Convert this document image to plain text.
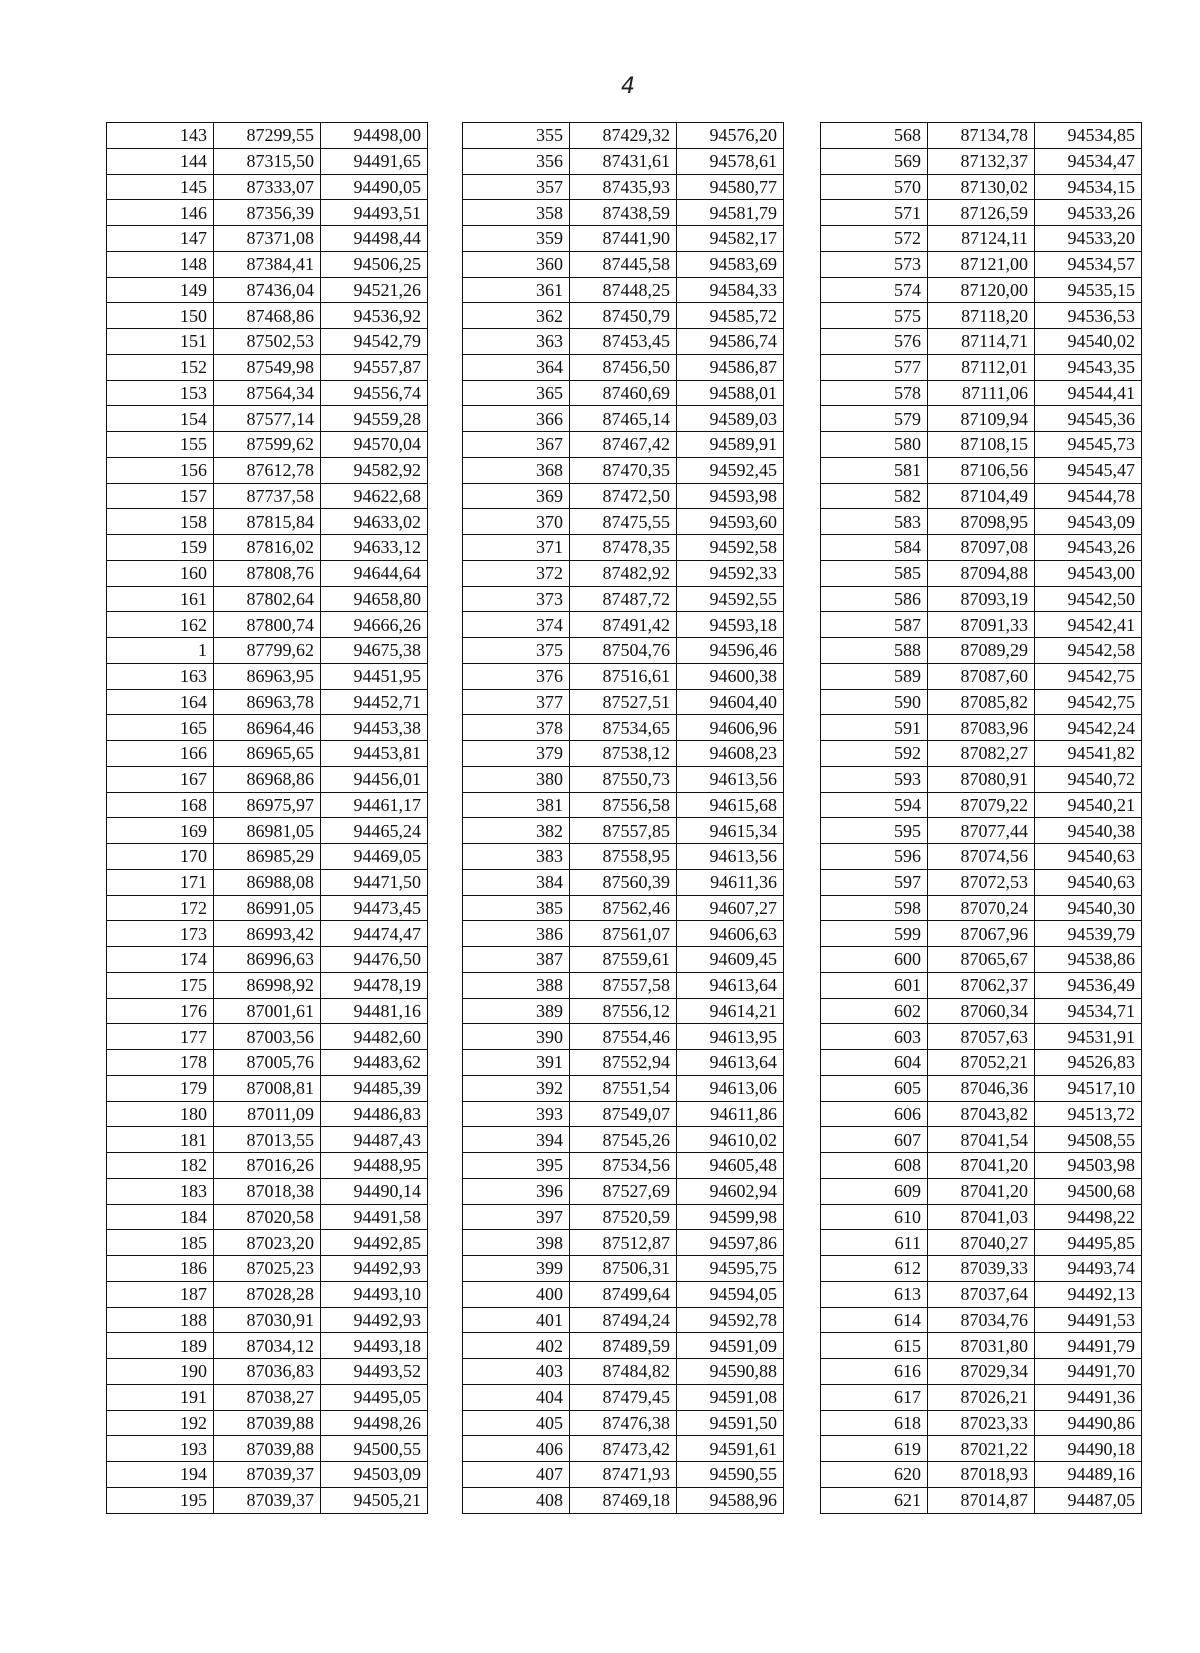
4
143	87299,55	94498,00
144	87315,50	94491,65
145	87333,07	94490,05
146	87356,39	94493,51
147	87371,08	94498,44
148	87384,41	94506,25
149	87436,04	94521,26
150	87468,86	94536,92
151	87502,53	94542,79
152	87549,98	94557,87
153	87564,34	94556,74
154	87577,14	94559,28
155	87599,62	94570,04
156	87612,78	94582,92
157	87737,58	94622,68
158	87815,84	94633,02
159	87816,02	94633,12
160	87808,76	94644,64
161	87802,64	94658,80
162	87800,74	94666,26
1	87799,62	94675,38
163	86963,95	94451,95
164	86963,78	94452,71
165	86964,46	94453,38
166	86965,65	94453,81
167	86968,86	94456,01
168	86975,97	94461,17
169	86981,05	94465,24
170	86985,29	94469,05
171	86988,08	94471,50
172	86991,05	94473,45
173	86993,42	94474,47
174	86996,63	94476,50
175	86998,92	94478,19
176	87001,61	94481,16
177	87003,56	94482,60
178	87005,76	94483,62
179	87008,81	94485,39
180	87011,09	94486,83
181	87013,55	94487,43
182	87016,26	94488,95
183	87018,38	94490,14
184	87020,58	94491,58
185	87023,20	94492,85
186	87025,23	94492,93
187	87028,28	94493,10
188	87030,91	94492,93
189	87034,12	94493,18
190	87036,83	94493,52
191	87038,27	94495,05
192	87039,88	94498,26
193	87039,88	94500,55
194	87039,37	94503,09
195	87039,37	94505,21
355	87429,32	94576,20
356	87431,61	94578,61
357	87435,93	94580,77
358	87438,59	94581,79
359	87441,90	94582,17
360	87445,58	94583,69
361	87448,25	94584,33
362	87450,79	94585,72
363	87453,45	94586,74
364	87456,50	94586,87
365	87460,69	94588,01
366	87465,14	94589,03
367	87467,42	94589,91
368	87470,35	94592,45
369	87472,50	94593,98
370	87475,55	94593,60
371	87478,35	94592,58
372	87482,92	94592,33
373	87487,72	94592,55
374	87491,42	94593,18
375	87504,76	94596,46
376	87516,61	94600,38
377	87527,51	94604,40
378	87534,65	94606,96
379	87538,12	94608,23
380	87550,73	94613,56
381	87556,58	94615,68
382	87557,85	94615,34
383	87558,95	94613,56
384	87560,39	94611,36
385	87562,46	94607,27
386	87561,07	94606,63
387	87559,61	94609,45
388	87557,58	94613,64
389	87556,12	94614,21
390	87554,46	94613,95
391	87552,94	94613,64
392	87551,54	94613,06
393	87549,07	94611,86
394	87545,26	94610,02
395	87534,56	94605,48
396	87527,69	94602,94
397	87520,59	94599,98
398	87512,87	94597,86
399	87506,31	94595,75
400	87499,64	94594,05
401	87494,24	94592,78
402	87489,59	94591,09
403	87484,82	94590,88
404	87479,45	94591,08
405	87476,38	94591,50
406	87473,42	94591,61
407	87471,93	94590,55
408	87469,18	94588,96
568	87134,78	94534,85
569	87132,37	94534,47
570	87130,02	94534,15
571	87126,59	94533,26
572	87124,11	94533,20
573	87121,00	94534,57
574	87120,00	94535,15
575	87118,20	94536,53
576	87114,71	94540,02
577	87112,01	94543,35
578	87111,06	94544,41
579	87109,94	94545,36
580	87108,15	94545,73
581	87106,56	94545,47
582	87104,49	94544,78
583	87098,95	94543,09
584	87097,08	94543,26
585	87094,88	94543,00
586	87093,19	94542,50
587	87091,33	94542,41
588	87089,29	94542,58
589	87087,60	94542,75
590	87085,82	94542,75
591	87083,96	94542,24
592	87082,27	94541,82
593	87080,91	94540,72
594	87079,22	94540,21
595	87077,44	94540,38
596	87074,56	94540,63
597	87072,53	94540,63
598	87070,24	94540,30
599	87067,96	94539,79
600	87065,67	94538,86
601	87062,37	94536,49
602	87060,34	94534,71
603	87057,63	94531,91
604	87052,21	94526,83
605	87046,36	94517,10
606	87043,82	94513,72
607	87041,54	94508,55
608	87041,20	94503,98
609	87041,20	94500,68
610	87041,03	94498,22
611	87040,27	94495,85
612	87039,33	94493,74
613	87037,64	94492,13
614	87034,76	94491,53
615	87031,80	94491,79
616	87029,34	94491,70
617	87026,21	94491,36
618	87023,33	94490,86
619	87021,22	94490,18
620	87018,93	94489,16
621	87014,87	94487,05
